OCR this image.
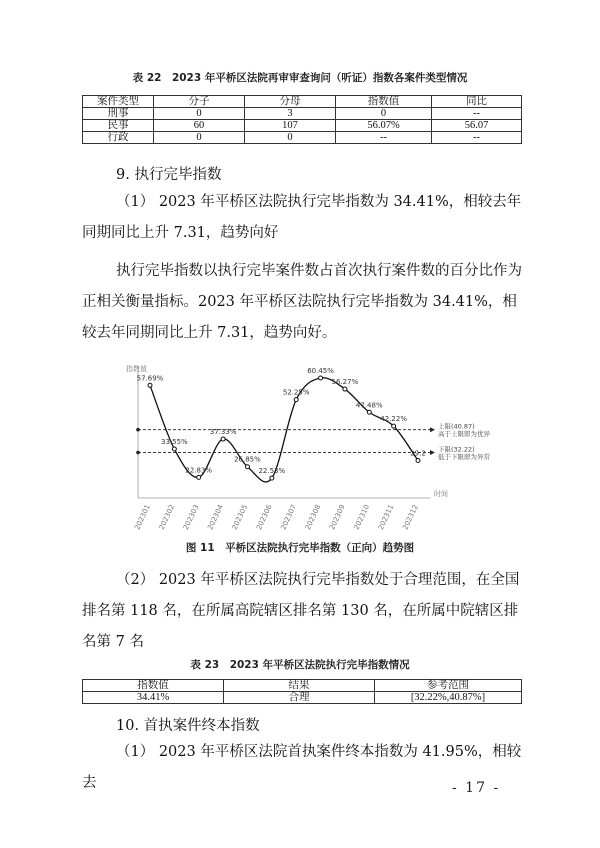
表 22　2023 年平桥区法院再审审查询问（听证）指数各案件类型情况
案件类型	分子	分母	指数值	同比
刑事	0	3	0	--
民事	60	107	56.07%	56.07
行政	0	0	--	--
9. 执行完毕指数

（1） 2023 年平桥区法院执行完毕指数为 34.41%，相较去年同期同比上升 7.31，趋势向好

执行完毕指数以执行完毕案件数占首次执行案件数的百分比作为正相关衡量指标。2023 年平桥区法院执行完毕指数为 34.41%，相较去年同期同比上升 7.31，趋势向好。

指数值
时间
上限(40.87)
高于上限即为优异
下限(32.22)
低于下限即为异常
57.69%
33.55%
22.83%
37.33%
26.85%
22.53%
52.25%
60.45%
56.27%
47.48%
42.22%
29.2
202301 202302 202303 202304 202305 202306 202307 202308 202309 202310 202311 202312
图 11　平桥区法院执行完毕指数（正向）趋势图

（2） 2023 年平桥区法院执行完毕指数处于合理范围，在全国排名第 118 名，在所属高院辖区排名第 130 名，在所属中院辖区排名第 7 名

表 23　2023 年平桥区法院执行完毕指数情况
指数值	结果	参考范围
34.41%	合理	[32.22%,40.87%]
10. 首执案件终本指数

（1） 2023 年平桥区法院首执案件终本指数为 41.95%，相较去	- 17 -
